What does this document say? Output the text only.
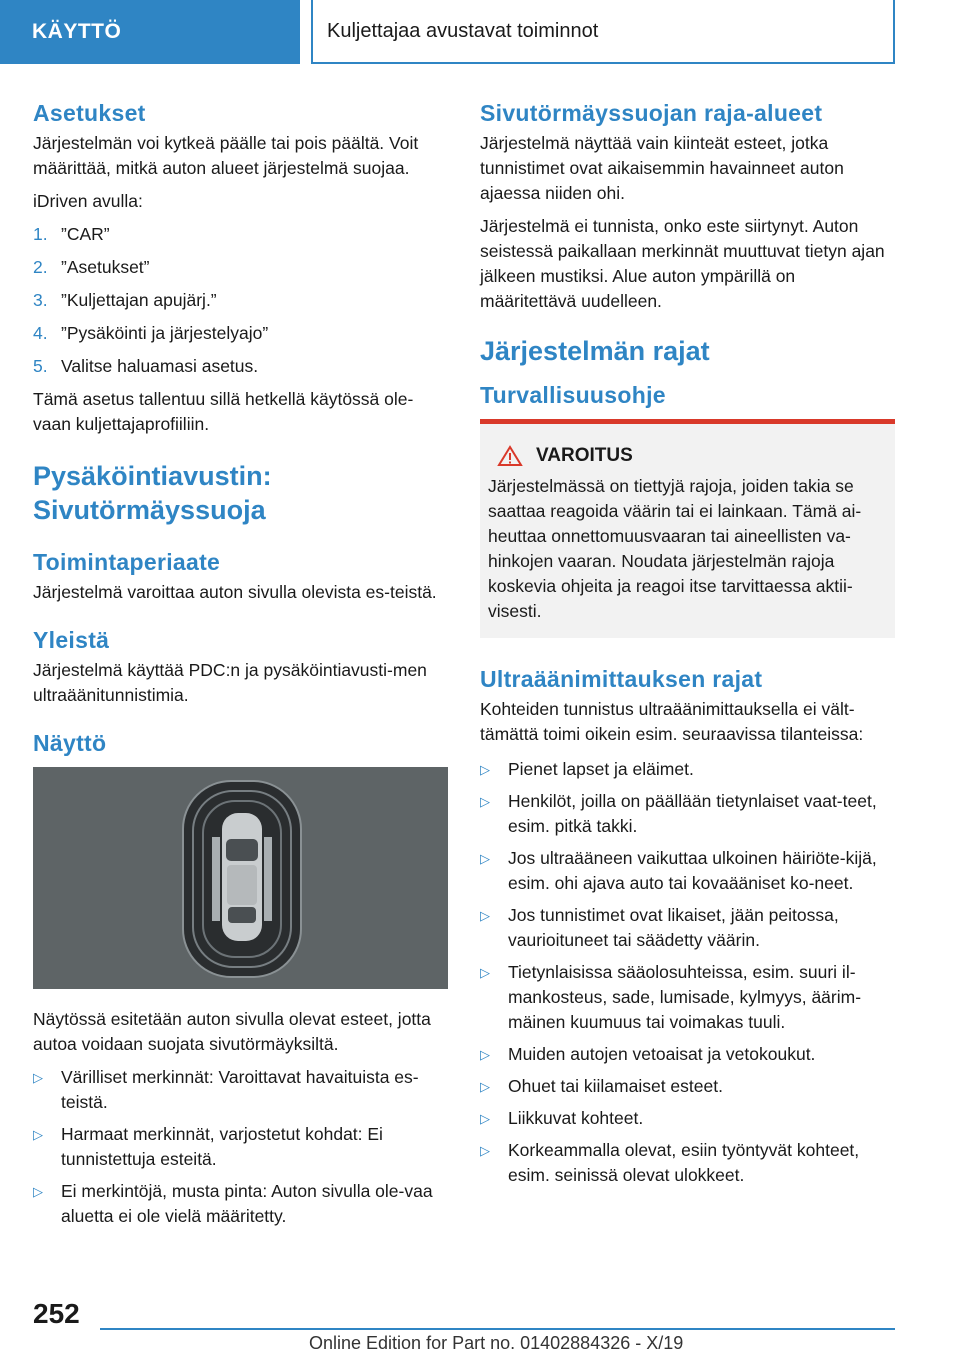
KÄYTTÖ	Kuljettajaa avustavat toiminnot
Asetukset

Järjestelmän voi kytkeä päälle tai pois päältä. Voit määrittää, mitkä auton alueet järjestelmä suojaa.

iDriven avulla:

1. ”CAR”
2. ”Asetukset”
3. ”Kuljettajan apujärj.”
4. ”Pysäköinti ja järjestelyajo”
5. Valitse haluamasi asetus.

Tämä asetus tallentuu sillä hetkellä käytössä ole-vaan kuljettajaprofiiliin.

Pysäköintiavustin: Sivutörmäyssuoja
Toimintaperiaate

Järjestelmä varoittaa auton sivulla olevista es-teistä.

Yleistä

Järjestelmä käyttää PDC:n ja pysäköintiavusti-men ultraäänitunnistimia.

Näyttö

Näytössä esitetään auton sivulla olevat esteet, jotta autoa voidaan suojata sivutörmäyksiltä.

▷	Värilliset merkinnät: Varoittavat havaituista es-teistä.
▷	Harmaat merkinnät, varjostetut kohdat: Ei tunnistettuja esteitä.
▷	Ei merkintöjä, musta pinta: Auton sivulla ole-vaa aluetta ei ole vielä määritetty.
Sivutörmäyssuojan raja-alueet

Järjestelmä näyttää vain kiinteät esteet, jotka tunnistimet ovat aikaisemmin havainneet auton ajaessa niiden ohi.

Järjestelmä ei tunnista, onko este siirtynyt. Auton seistessä paikallaan merkinnät muuttuvat tietyn ajan jälkeen mustiksi. Alue auton ympärillä on määritettävä uudelleen.

Järjestelmän rajat
Turvallisuusohje
VAROITUS

Järjestelmässä on tiettyjä rajoja, joiden takia se saattaa reagoida väärin tai ei lainkaan. Tämä ai-heuttaa onnettomuusvaaran tai aineellisten va-hinkojen vaaran. Noudata järjestelmän rajoja koskevia ohjeita ja reagoi itse tarvittaessa aktii-visesti.

Ultraäänimittauksen rajat

Kohteiden tunnistus ultraäänimittauksella ei vält-tämättä toimi oikein esim. seuraavissa tilanteissa:

▷	Pienet lapset ja eläimet.
▷	Henkilöt, joilla on päällään tietynlaiset vaat-teet, esim. pitkä takki.
▷	Jos ultraääneen vaikuttaa ulkoinen häiriöte-kijä, esim. ohi ajava auto tai kovaääniset ko-neet.
▷	Jos tunnistimet ovat likaiset, jään peitossa, vaurioituneet tai säädetty väärin.
▷	Tietynlaisissa sääolosuhteissa, esim. suuri il-mankosteus, sade, lumisade, kylmyys, äärim-mäinen kuumuus tai voimakas tuuli.
▷	Muiden autojen vetoaisat ja vetokoukut.
▷	Ohuet tai kiilamaiset esteet.
▷	Liikkuvat kohteet.
▷	Korkeammalla olevat, esiin työntyvät kohteet, esim. seinissä olevat ulokkeet.
252
Online Edition for Part no. 01402884326 - X/19
